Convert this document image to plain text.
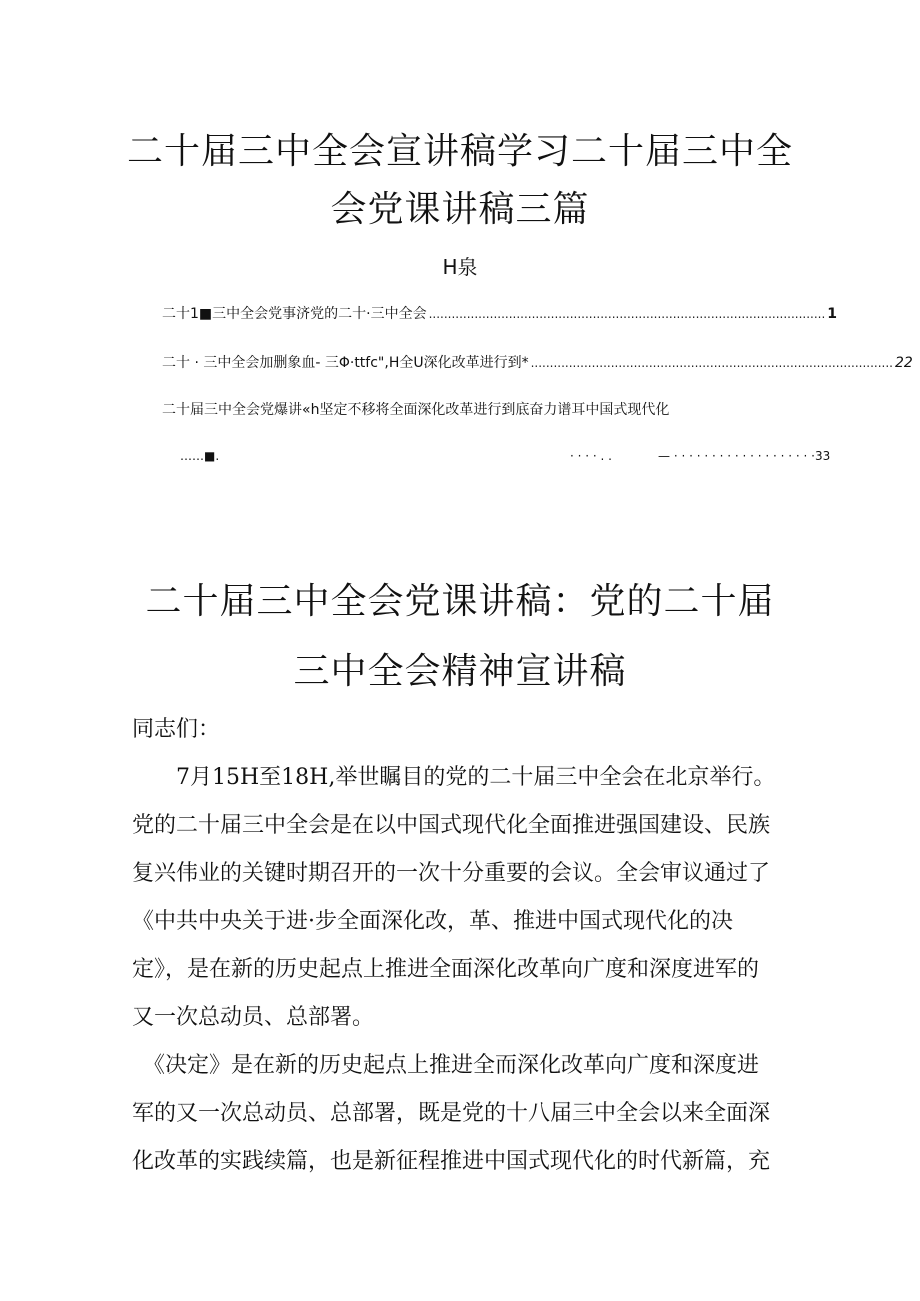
二十届三中全会宣讲稿学习二十届三中全
会党课讲稿三篇
H泉
二十1■三中全会党事济党的二十·三中全会 ........................................................................................................ 1
二十 · 三中全会加删象血- 三Φ·ttfc",H全U深化改革进行到* ............................................................................................... 22
二十届三中全会党爆讲«h坚定不移将全面深化改革进行到底奋力谱耳中国式现代化
……■.	· · · · . .	— · · · · · · · · · · · · · · · · · · ·33
二十届三中全会党课讲稿：党的二十届
三中全会精神宣讲稿
同志们：
　　7月15H至18H,举世瞩目的党的二十届三中全会在北京举行。
党的二十届三中全会是在以中国式现代化全面推进强国建设、民族
复兴伟业的关键时期召开的一次十分重要的会议。全会审议通过了
《中共中央关于进·步全面深化改，革、推进中国式现代化的决
定》，是在新的历史起点上推进全面深化改革向广度和深度进军的
又一次总动员、总部署。
　《决定》是在新的历史起点上推进全而深化改革向广度和深度进
军的又一次总动员、总部署，既是党的十八届三中全会以来全面深
化改革的实践续篇，也是新征程推进中国式现代化的时代新篇，充
